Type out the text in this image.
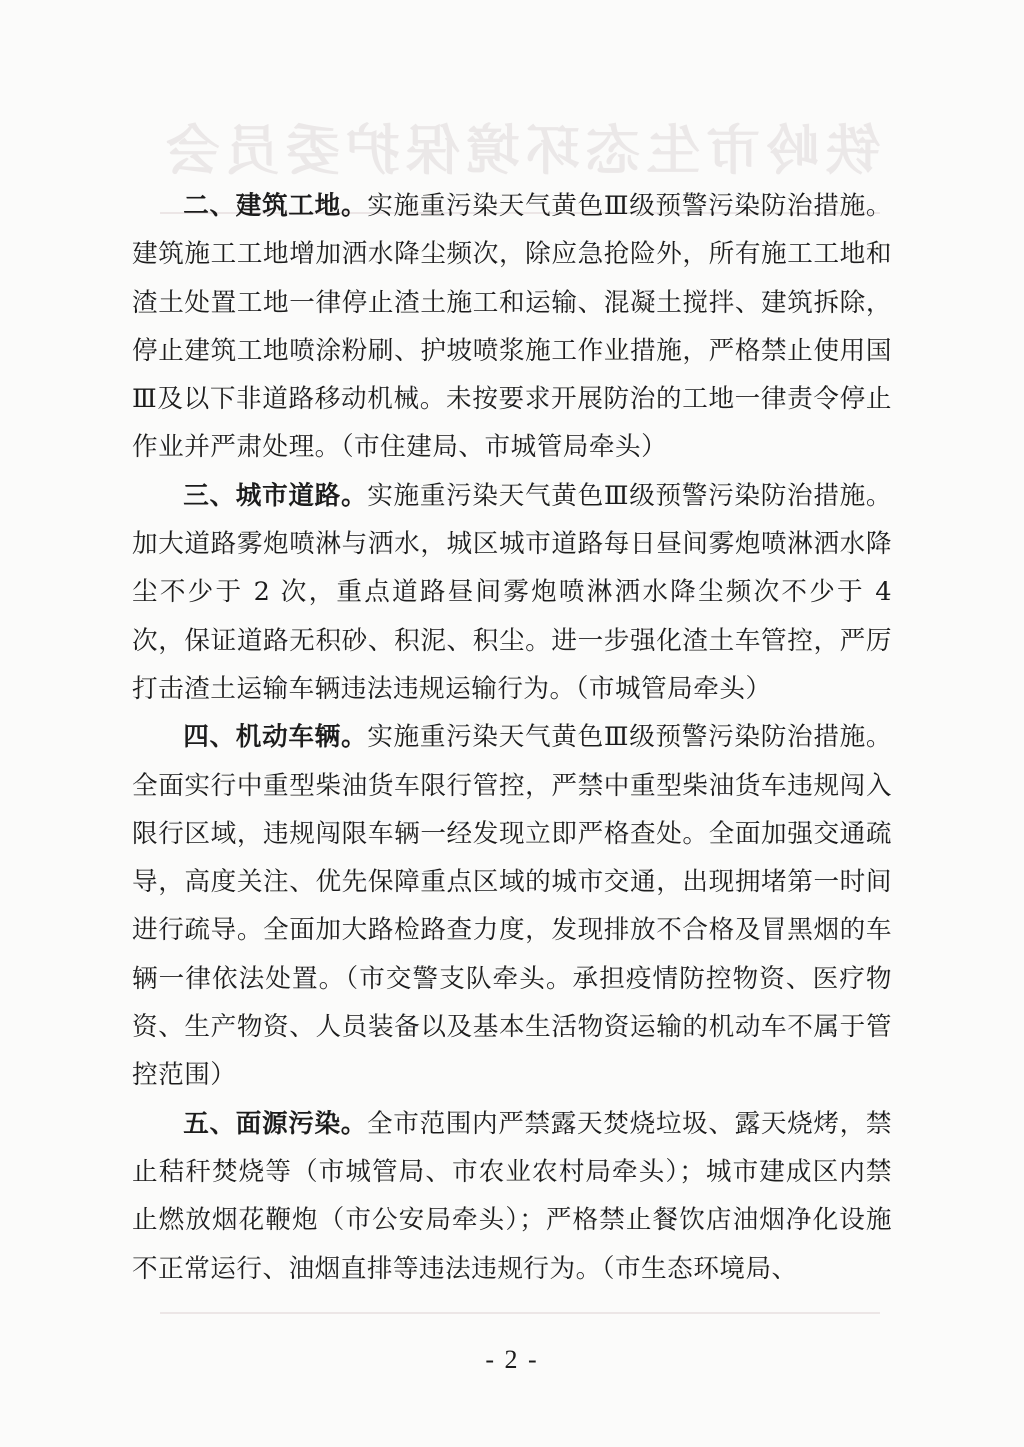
铁岭市生态环境保护委员会

二、建筑工地。实施重污染天气黄色Ⅲ级预警污染防治措施。建筑施工工地增加洒水降尘频次，除应急抢险外，所有施工工地和渣土处置工地一律停止渣土施工和运输、混凝土搅拌、建筑拆除，停止建筑工地喷涂粉刷、护坡喷浆施工作业措施，严格禁止使用国Ⅲ及以下非道路移动机械。未按要求开展防治的工地一律责令停止作业并严肃处理。（市住建局、市城管局牵头）

三、城市道路。实施重污染天气黄色Ⅲ级预警污染防治措施。加大道路雾炮喷淋与洒水，城区城市道路每日昼间雾炮喷淋洒水降尘不少于 2 次，重点道路昼间雾炮喷淋洒水降尘频次不少于 4 次，保证道路无积砂、积泥、积尘。进一步强化渣土车管控，严厉打击渣土运输车辆违法违规运输行为。（市城管局牵头）

四、机动车辆。实施重污染天气黄色Ⅲ级预警污染防治措施。全面实行中重型柴油货车限行管控，严禁中重型柴油货车违规闯入限行区域，违规闯限车辆一经发现立即严格查处。全面加强交通疏导，高度关注、优先保障重点区域的城市交通，出现拥堵第一时间进行疏导。全面加大路检路查力度，发现排放不合格及冒黑烟的车辆一律依法处置。（市交警支队牵头。承担疫情防控物资、医疗物资、生产物资、人员装备以及基本生活物资运输的机动车不属于管控范围）

五、面源污染。全市范围内严禁露天焚烧垃圾、露天烧烤，禁止秸秆焚烧等（市城管局、市农业农村局牵头）；城市建成区内禁止燃放烟花鞭炮（市公安局牵头）；严格禁止餐饮店油烟净化设施不正常运行、油烟直排等违法违规行为。（市生态环境局、

- 2 -
